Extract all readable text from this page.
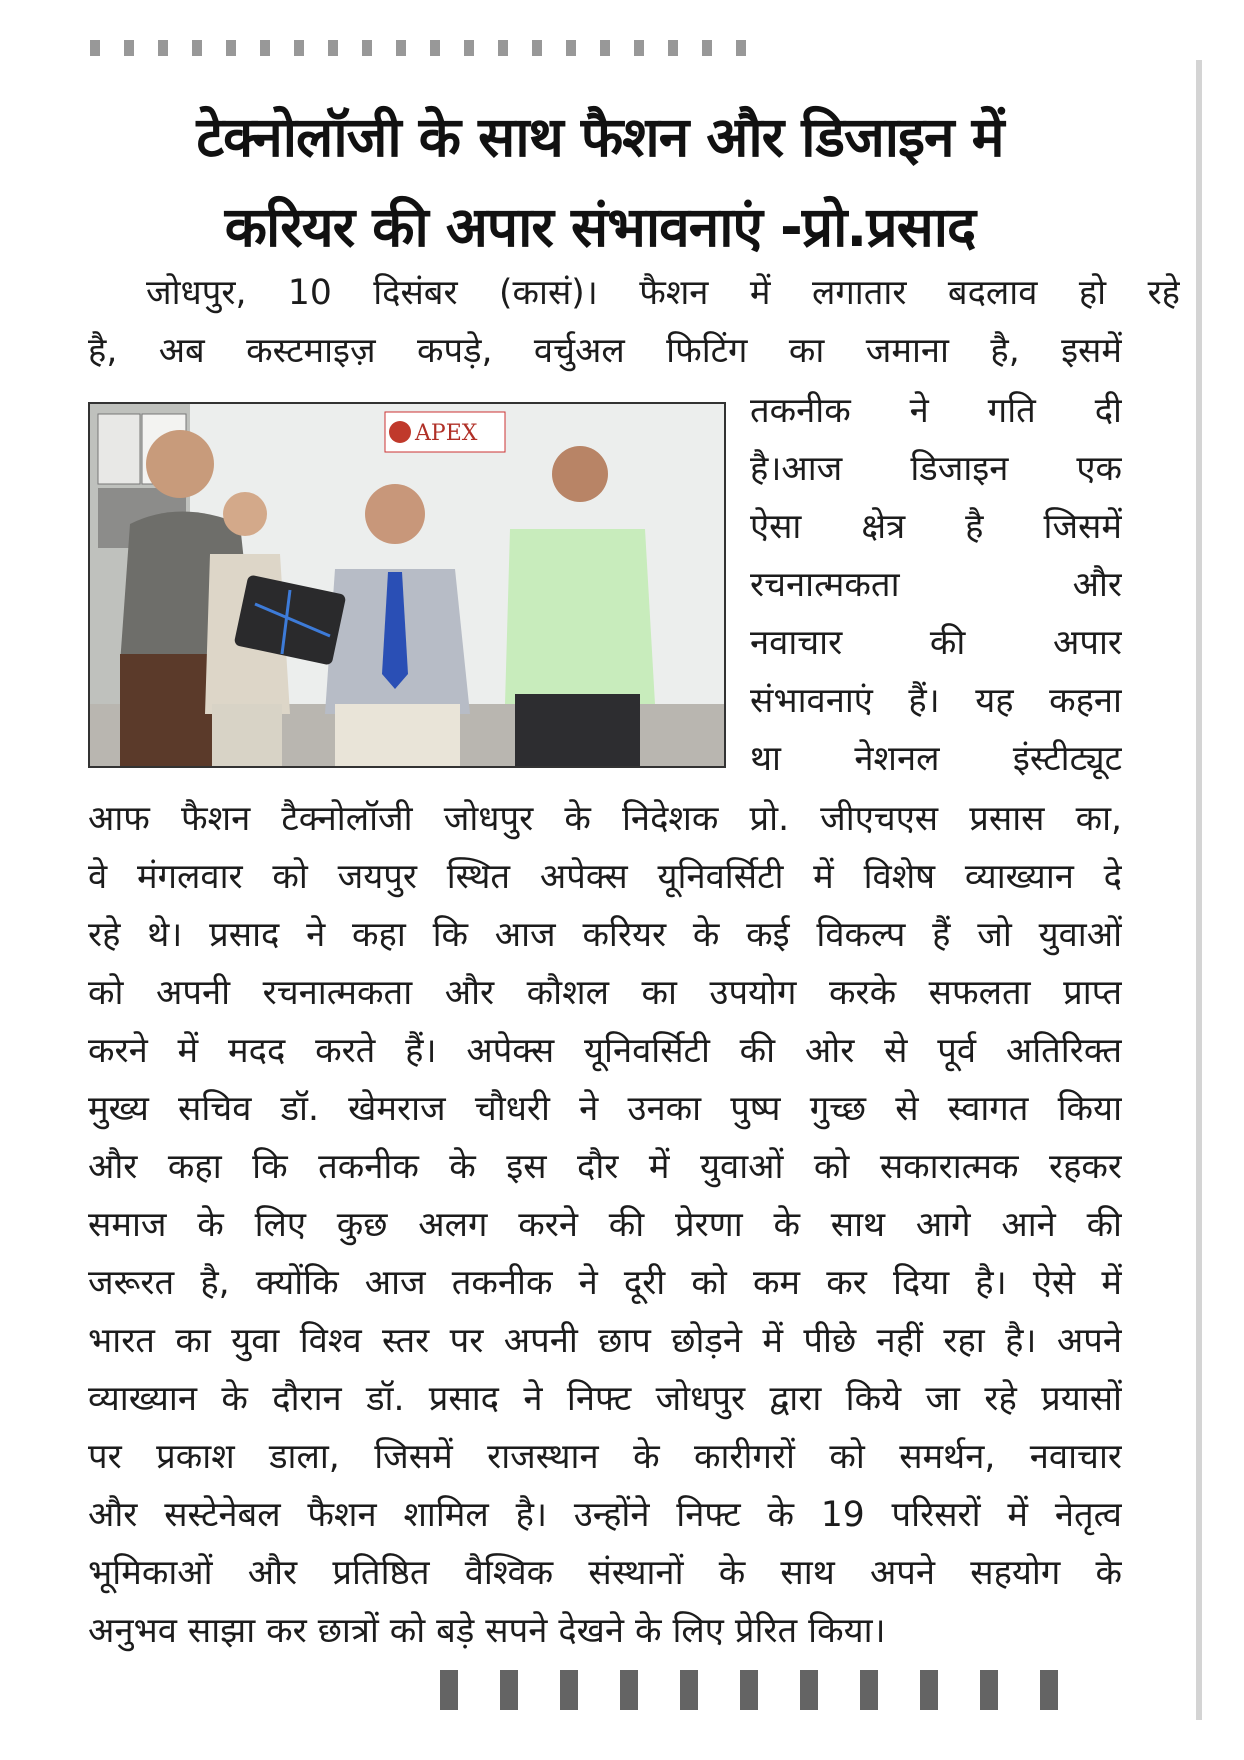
टेक्नोलॉजी के साथ फैशन और डिजाइन में
करियर की अपार संभावनाएं -प्रो.प्रसाद
जोधपुर, 10 दिसंबर (कासं)। फैशन में लगातार बदलाव हो रहे
है, अब कस्टमाइज़ कपड़े, वर्चुअल फिटिंग का जमाना है, इसमें
तकनीक ने गति दी
है।आज डिजाइन एक
ऐसा क्षेत्र है जिसमें
रचनात्मकता और
नवाचार की अपार
संभावनाएं हैं। यह कहना
था नेशनल इंस्टीट्यूट
आफ फैशन टैक्नोलॉजी जोधपुर के निदेशक प्रो. जीएचएस प्रसास का,
वे मंगलवार को जयपुर स्थित अपेक्स यूनिवर्सिटी में विशेष व्याख्यान दे
रहे थे। प्रसाद ने कहा कि आज करियर के कई विकल्प हैं जो युवाओं
को अपनी रचनात्मकता और कौशल का उपयोग करके सफलता प्राप्त
करने में मदद करते हैं। अपेक्स यूनिवर्सिटी की ओर से पूर्व अतिरिक्त
मुख्य सचिव डॉ. खेमराज चौधरी ने उनका पुष्प गुच्छ से स्वागत किया
और कहा कि तकनीक के इस दौर में युवाओं को सकारात्मक रहकर
समाज के लिए कुछ अलग करने की प्रेरणा के साथ आगे आने की
जरूरत है, क्योंकि आज तकनीक ने दूरी को कम कर दिया है। ऐसे में
भारत का युवा विश्व स्तर पर अपनी छाप छोड़ने में पीछे नहीं रहा है। अपने
व्याख्यान के दौरान डॉ. प्रसाद ने निफ्ट जोधपुर द्वारा किये जा रहे प्रयासों
पर प्रकाश डाला, जिसमें राजस्थान के कारीगरों को समर्थन, नवाचार
और सस्टेनेबल फैशन शामिल है। उन्होंने निफ्ट के 19 परिसरों में नेतृत्व
भूमिकाओं और प्रतिष्ठित वैश्विक संस्थानों के साथ अपने सहयोग के
अनुभव साझा कर छात्रों को बड़े सपने देखने के लिए प्रेरित किया।
APEX
